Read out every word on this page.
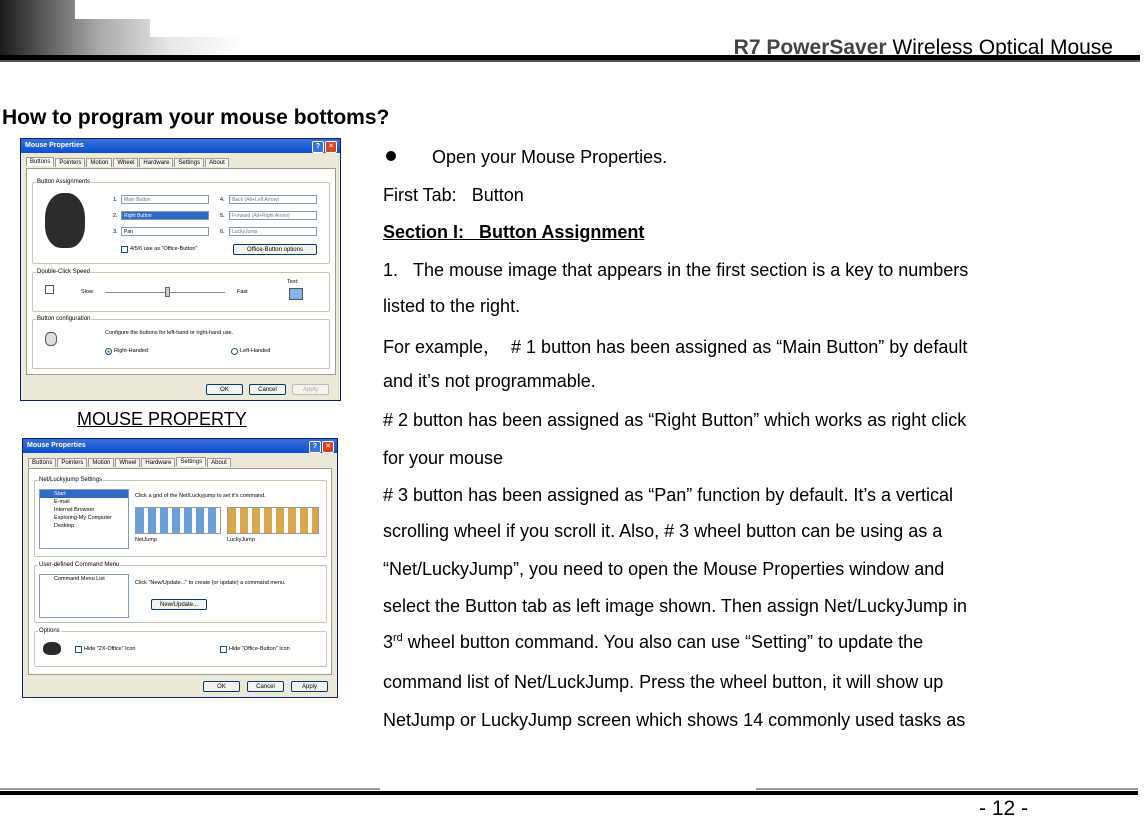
R7 PowerSaver Wireless Optical Mouse
How to program your mouse bottoms?
Mouse Properties	?	✕
Buttons	Pointers	Motion	Wheel	Hardware	Settings	About
Button Assignments
1.	Main Button
2.	Right Button
3.	Pan
4.	Back (Alt+Left Arrow)
5.	Forward (Alt+Right Arrow)
6.	LuckyJump
4/5/6 use as "Office-Button"	Office-Button options
Double-Click Speed
Slow	Fast
Test:
Button configuration
Configure the buttons for left-hand or right-hand use.
Right-Handed	Left-Handed
OK	Cancel	Apply
MOUSE PROPERTY
Mouse Properties	?	✕
Buttons	Pointers	Motion	Wheel	Hardware	Settings	About
Net/Luckyjump Settings
Start
E-mail
Internet Browser
Exploring-My Computer
Desktop
Click a grid of the Net/Luckyjump to set it's command.
NetJump	LuckyJump
User-defined Command Menu
Command Menu List
Click "New/Update..." to create (or update) a command menu.
New/Update...
Options
Hide "2X-Office" Icon	Hide "Office-Button" Icon
OK	Cancel	Apply
Open your Mouse Properties.
First Tab:   Button
Section I:   Button Assignment
1.   The mouse image that appears in the first section is a key to numbers
listed to the right.
For example，  # 1 button has been assigned as “Main Button” by default
and it’s not programmable.
# 2 button has been assigned as “Right Button” which works as right click
for your mouse
# 3 button has been assigned as “Pan” function by default. It’s a vertical
scrolling wheel if you scroll it. Also, # 3 wheel button can be using as a
“Net/LuckyJump”, you need to open the Mouse Properties window and
select the Button tab as left image shown. Then assign Net/LuckyJump in
3rd wheel button command. You also can use “Setting” to update the
command list of Net/LuckJump. Press the wheel button, it will show up
NetJump or LuckyJump screen which shows 14 commonly used tasks as
- 12 -
